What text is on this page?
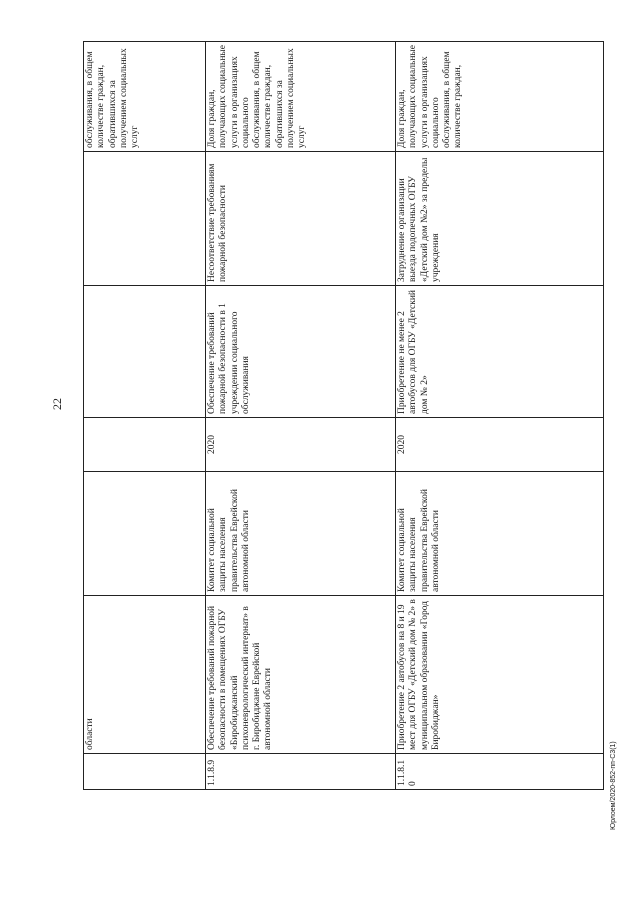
22
	области					обслуживания, в общем количестве граждан, обратившихся за получением социальных услуг
1.1.8.9	Обеспечение требований пожарной безопасности в помещениях ОГБУ «Биробиджанский психоневрологический интернат» в г. Биробиджане Еврейской автономной области	Комитет социальной защиты населения правительства Еврейской автономной области	2020	Обеспечение требований пожарной безопасности в 1 учреждении социального обслуживания	Несоответствие требованиям пожарной безопасности	Доля граждан, получающих социальные услуги в организациях социального обслуживания, в общем количестве граждан, обратившихся за получением социальных услуг
1.1.8.1 0	Приобретение 2 автобусов на 8 и 19 мест для ОГБУ «Детский дом № 2» в муниципальном образовании «Город Биробиджан»	Комитет социальной защиты населения правительства Еврейской автономной области	2020	Приобретение не менее 2 автобусов для ОГБУ «Детский дом № 2»	Затруднение организации выезда подопечных ОГБУ «Детский дом №2» за пределы учреждения	Доля граждан, получающих социальные услуги в организациях социального обслуживания, в общем количестве граждан,
Юрлоем/2020-852-пп-С3(1)
